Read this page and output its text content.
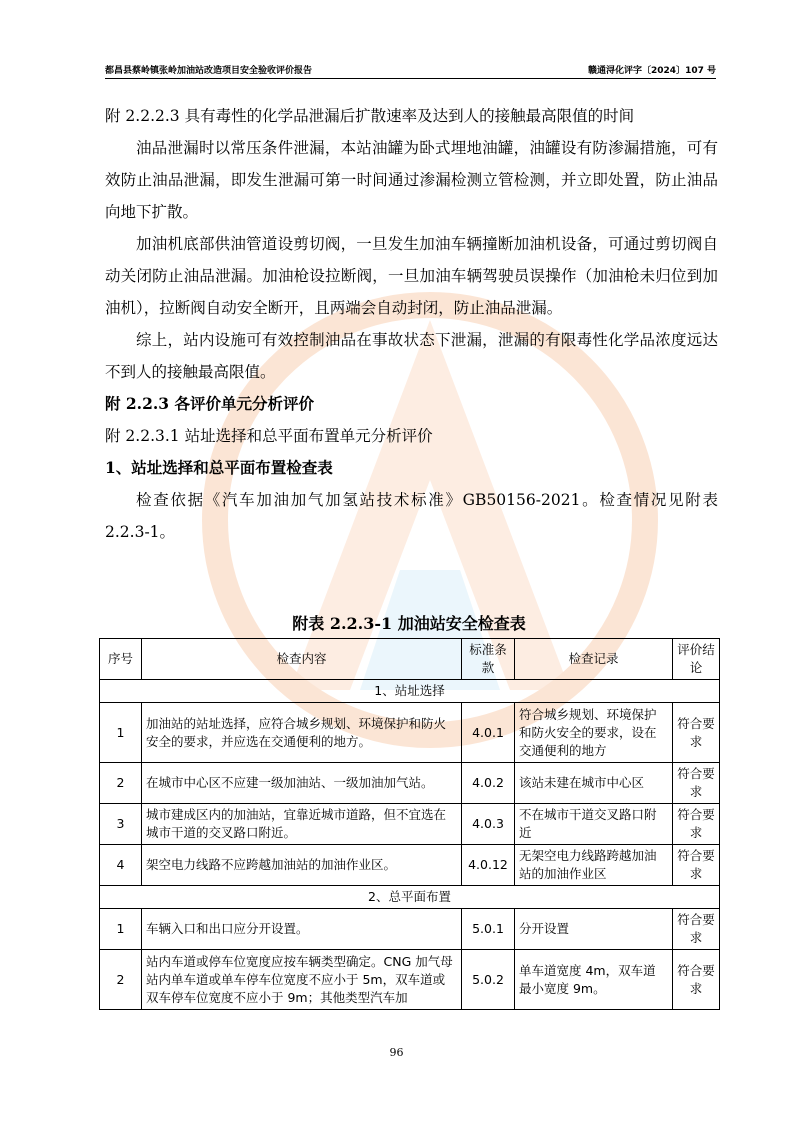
都昌县蔡岭镇张岭加油站改造项目安全验收评价报告	赣通浔化评字〔2024〕107 号

附 2.2.2.3 具有毒性的化学品泄漏后扩散速率及达到人的接触最高限值的时间

油品泄漏时以常压条件泄漏，本站油罐为卧式埋地油罐，油罐设有防渗漏措施，可有效防止油品泄漏，即发生泄漏可第一时间通过渗漏检测立管检测，并立即处置，防止油品向地下扩散。

加油机底部供油管道设剪切阀，一旦发生加油车辆撞断加油机设备，可通过剪切阀自动关闭防止油品泄漏。加油枪设拉断阀，一旦加油车辆驾驶员误操作（加油枪未归位到加油机），拉断阀自动安全断开，且两端会自动封闭，防止油品泄漏。

综上，站内设施可有效控制油品在事故状态下泄漏，泄漏的有限毒性化学品浓度远达不到人的接触最高限值。

附 2.2.3 各评价单元分析评价

附 2.2.3.1 站址选择和总平面布置单元分析评价

1、站址选择和总平面布置检查表

检查依据《汽车加油加气加氢站技术标准》GB50156-2021。检查情况见附表 2.2.3-1。

附表 2.2.3-1 加油站安全检查表
序号	检查内容	标准条款	检查记录	评价结论
1、站址选择				
1	加油站的站址选择，应符合城乡规划、环境保护和防火安全的要求，并应选在交通便利的地方。	4.0.1	符合城乡规划、环境保护和防火安全的要求，设在交通便利的地方	符合要求
2	在城市中心区不应建一级加油站、一级加油加气站。	4.0.2	该站未建在城市中心区	符合要求
3	城市建成区内的加油站，宜靠近城市道路，但不宜选在城市干道的交叉路口附近。	4.0.3	不在城市干道交叉路口附近	符合要求
4	架空电力线路不应跨越加油站的加油作业区。	4.0.12	无架空电力线路跨越加油站的加油作业区	符合要求
2、总平面布置				
1	车辆入口和出口应分开设置。	5.0.1	分开设置	符合要求
2	站内车道或停车位宽度应按车辆类型确定。CNG 加气母站内单车道或单车停车位宽度不应小于 5m，双车道或双车停车位宽度不应小于 9m；其他类型汽车加	5.0.2	单车道宽度 4m，双车道最小宽度 9m。	符合要求
96
